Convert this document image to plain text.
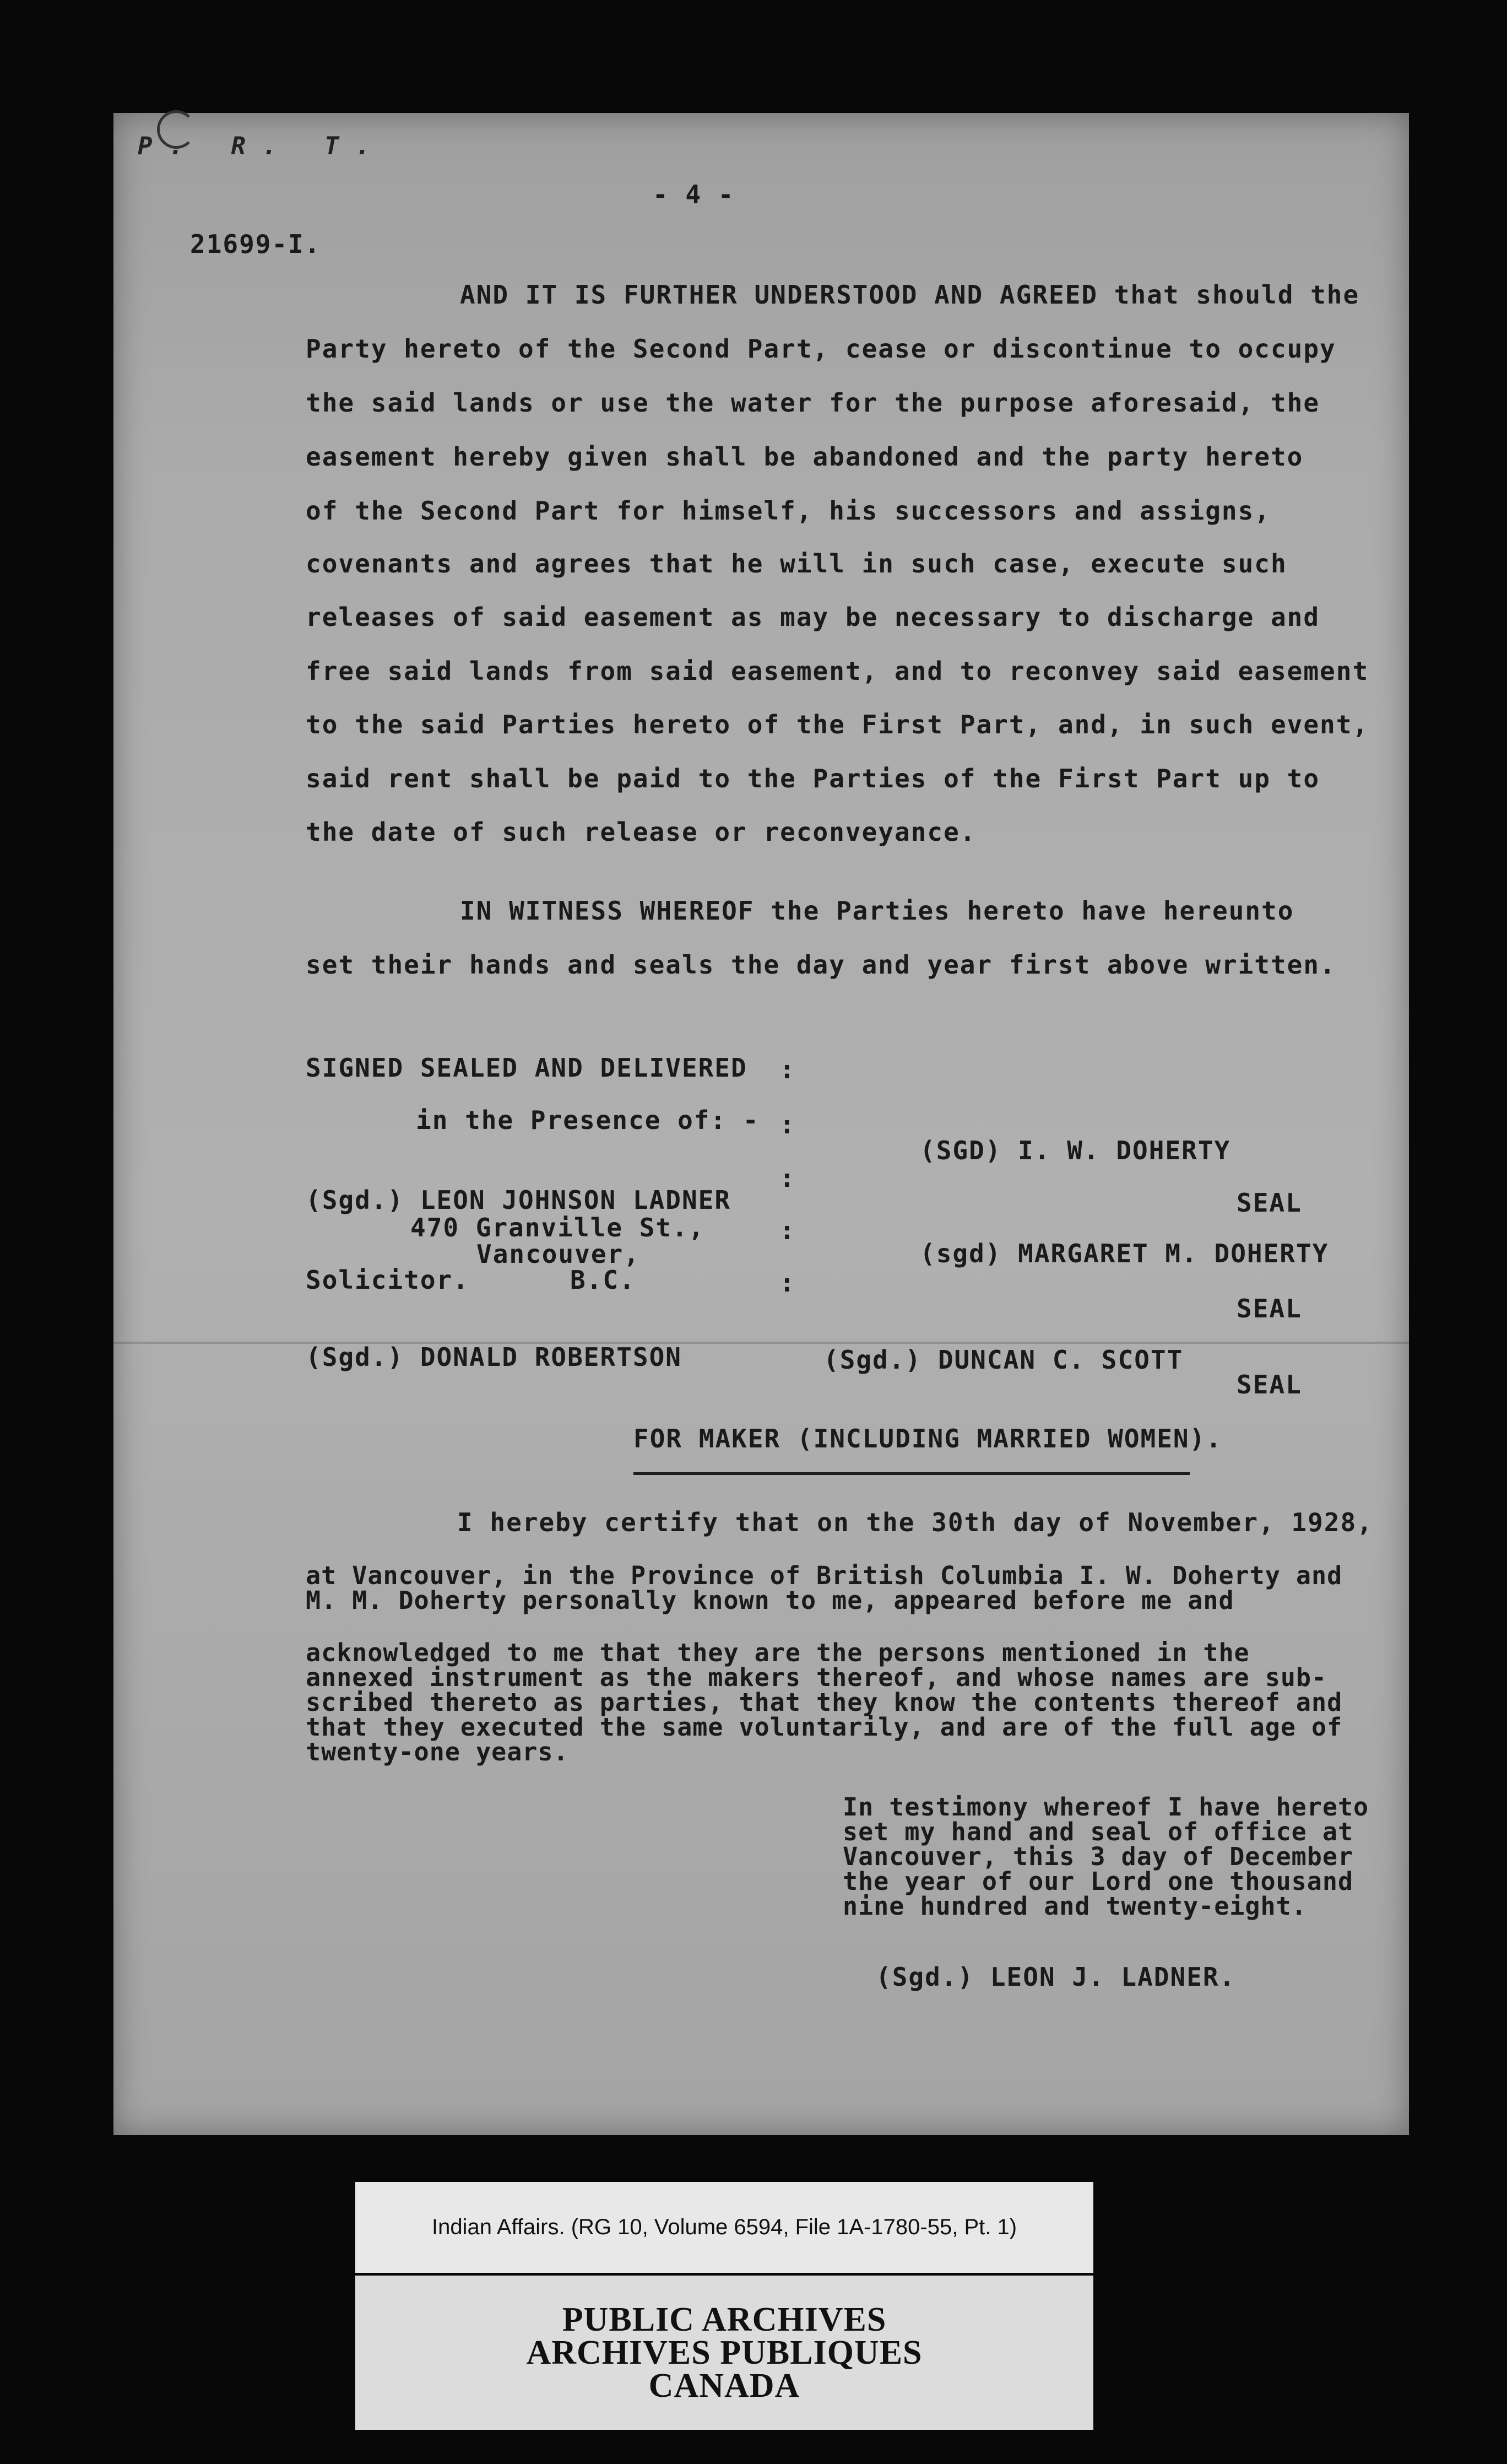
P. R. T.
- 4 -
21699-I.
AND IT IS FURTHER UNDERSTOOD AND AGREED that should the
Party hereto of the Second Part, cease or discontinue to occupy
the said lands or use the water for the purpose aforesaid, the
easement hereby given shall be abandoned and the party hereto
of the Second Part for himself, his successors and assigns,
covenants and agrees that he will in such case, execute such
releases of said easement as may be necessary to discharge and
free said lands from said easement, and to reconvey said easement
to the said Parties hereto of the First Part, and, in such event,
said rent shall be paid to the Parties of the First Part up to
the date of such release or reconveyance.
IN WITNESS WHEREOF the Parties hereto have hereunto
set their hands and seals the day and year first above written.
SIGNED SEALED AND DELIVERED
in the Presence of: -
(SGD) I. W. DOHERTY
(Sgd.) LEON JOHNSON LADNER	SEAL
470 Granville St.,
Vancouver,	(sgd) MARGARET M. DOHERTY
Solicitor.	B.C.
SEAL
(Sgd.) DONALD ROBERTSON	(Sgd.) DUNCAN C. SCOTT
SEAL
:
:
:
:
:
FOR MAKER (INCLUDING MARRIED WOMEN).
I hereby certify that on the 30th day of November, 1928,
at Vancouver, in the Province of British Columbia I. W. Doherty and
M. M. Doherty personally known to me, appeared before me and
acknowledged to me that they are the persons mentioned in the
annexed instrument as the makers thereof, and whose names are sub-
scribed thereto as parties, that they know the contents thereof and
that they executed the same voluntarily, and are of the full age of
twenty-one years.
In testimony whereof I have hereto
set my hand and seal of office at
Vancouver, this 3 day of December
the year of our Lord one thousand
nine hundred and twenty-eight.
(Sgd.) LEON J. LADNER.
Indian Affairs. (RG 10, Volume 6594, File 1A-1780-55, Pt. 1)
PUBLIC ARCHIVES
ARCHIVES PUBLIQUES
CANADA
